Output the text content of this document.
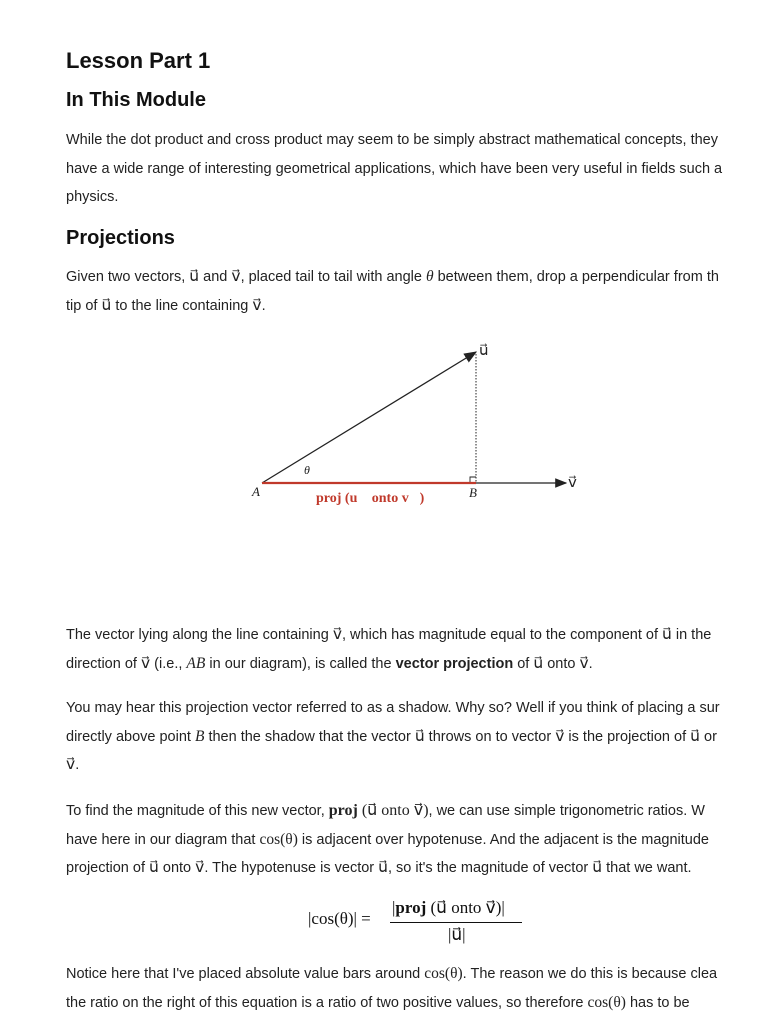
Lesson Part 1
In This Module
While the dot product and cross product may seem to be simply abstract mathematical concepts, they
have a wide range of interesting geometrical applications, which have been very useful in fields such a
physics.
Projections
Given two vectors, u⃗ and v⃗, placed tail to tail with angle θ between them, drop a perpendicular from th
tip of u⃗ to the line containing v⃗.
θ
A	B
u⃗
v⃗
proj (u⃗ onto v⃗)
The vector lying along the line containing v⃗, which has magnitude equal to the component of u⃗ in the
direction of v⃗ (i.e., AB in our diagram), is called the vector projection of u⃗ onto v⃗.
You may hear this projection vector referred to as a shadow. Why so? Well if you think of placing a sur
directly above point B then the shadow that the vector u⃗ throws on to vector v⃗ is the projection of u⃗ or
v⃗.
To find the magnitude of this new vector, proj (u⃗ onto v⃗), we can use simple trigonometric ratios. W
have here in our diagram that cos(θ) is adjacent over hypotenuse. And the adjacent is the magnitude
projection of u⃗ onto v⃗. The hypotenuse is vector u⃗, so it's the magnitude of vector u⃗ that we want.
|cos(θ)| =
|proj (u⃗ onto v⃗)|
|u⃗|
Notice here that I've placed absolute value bars around cos(θ). The reason we do this is because clea
the ratio on the right of this equation is a ratio of two positive values, so therefore cos(θ) has to be
